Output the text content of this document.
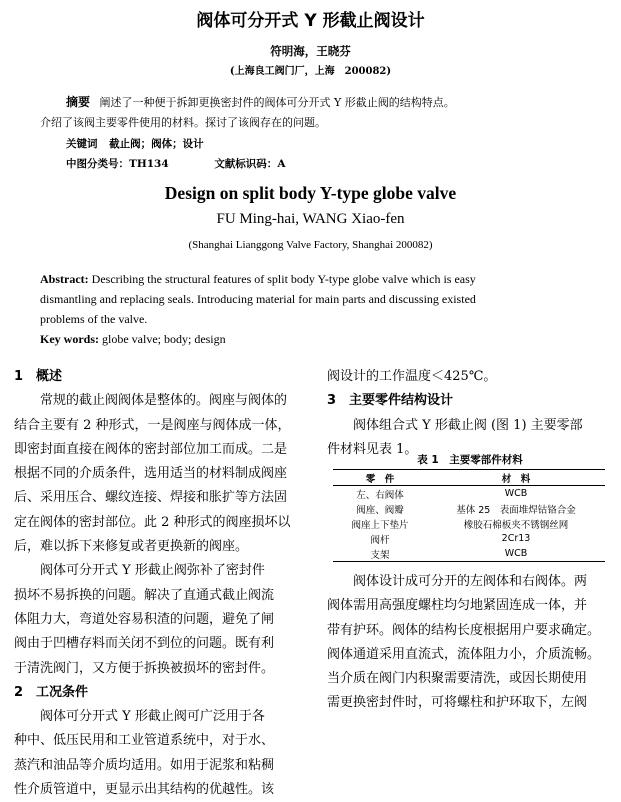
阀体可分开式 Y 形截止阀设计
符明海，王晓芬
(上海良工阀门厂，上海　200082)
摘要 阐述了一种便于拆卸更换密封件的阀体可分开式 Y 形截止阀的结构特点。
介绍了该阀主要零件使用的材料。探讨了该阀存在的问题。
关键词 截止阀；阀体；设计
中图分类号：TH134	文献标识码：A
Design on split body Y-type globe valve
FU Ming-hai, WANG Xiao-fen
(Shanghai Lianggong Valve Factory, Shanghai 200082)
Abstract: Describing the structural features of split body Y-type globe valve which is easy
dismantling and replacing seals. Introducing material for main parts and discussing existed
problems of the valve.
Key words: globe valve; body; design

1　概述

　　常规的截止阀阀体是整体的。阀座与阀体的

结合主要有 2 种形式，一是阀座与阀体成一体，

即密封面直接在阀体的密封部位加工而成。二是

根据不同的介质条件，选用适当的材料制成阀座

后、采用压合、螺纹连接、焊接和胀扩等方法固

定在阀体的密封部位。此 2 种形式的阀座损坏以

后，难以拆下来修复或者更换新的阀座。

　　阀体可分开式 Y 形截止阀弥补了密封件

损坏不易拆换的问题。解决了直通式截止阀流

体阻力大，弯道处容易积渣的问题，避免了闸

阀由于凹槽存料而关闭不到位的问题。既有利

于清洗阀门，又方便于拆换被损坏的密封件。

2　工况条件

　　阀体可分开式 Y 形截止阀可广泛用于各

种中、低压民用和工业管道系统中，对于水、

蒸汽和油品等介质均适用。如用于泥浆和粘稠

性介质管道中，更显示出其结构的优越性。该

阀设计的工作温度＜425℃。

3　主要零件结构设计

　　阀体组合式 Y 形截止阀 (图 1) 主要零部

件材料见表 1。

表 1　主要零部件材料
零　件	材　料
左、右阀体	WCB
阀座、阀瓣	基体 25　表面堆焊钴铬合金
阀座上下垫片	橡胶石棉板夹不锈钢丝网
阀杆	2Cr13
支架	WCB

　　阀体设计成可分开的左阀体和右阀体。两

阀体需用高强度螺柱均匀地紧固连成一体，并

带有护环。阀体的结构长度根据用户要求确定。

阀体通道采用直流式，流体阻力小，介质流畅。

当介质在阀门内积聚需要清洗，或因长期使用

需更换密封件时，可将螺柱和护环取下，左阀
